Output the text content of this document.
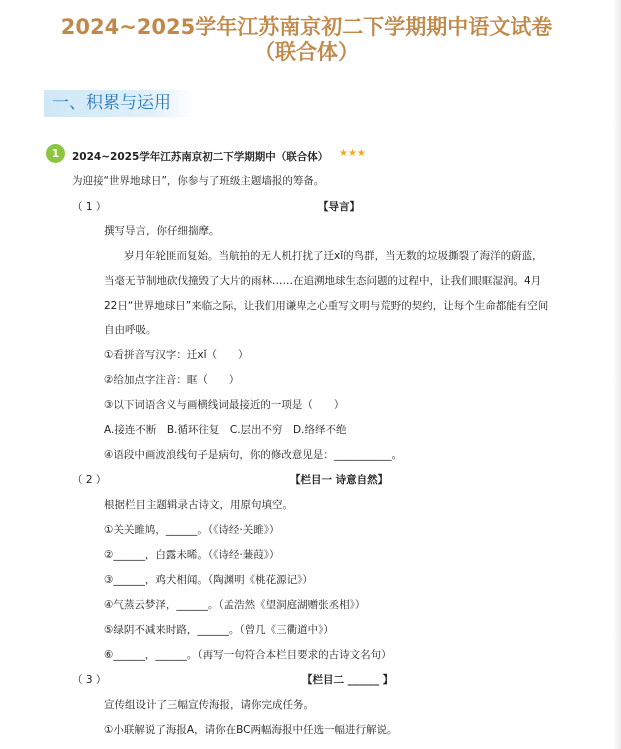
2024~2025学年江苏南京初二下学期期中语文试卷
（联合体）
一、积累与运用
1	2024~2025学年江苏南京初二下学期期中（联合体） ★★★
为迎接“世界地球日”，你参与了班级主题墙报的筹备。
（ 1 ）	【导言】
撰写导言，你仔细揣摩。
岁月年轮匪而复始。当航拍的无人机打扰了迁xǐ的鸟群，当无数的垃圾撕裂了海洋的蔚蓝，
当毫无节制地砍伐撞毁了大片的雨林……在追溯地球生态问题的过程中，让我们眼眶湿润。4月
22日“世界地球日”来临之际，让我们用谦卑之心重写文明与荒野的契约，让每个生命都能有空间
自由呼吸。
①看拼音写汉字：迁xǐ（　　）
②给加点字注音：眶（　　）
③以下词语含义与画横线词最接近的一项是（　　）
A.接连不断　B.循环往复　C.层出不穷　D.络绎不绝
④语段中画波浪线句子是病句，你的修改意见是：___________。
（ 2 ）	【栏目一 诗意自然】
根据栏目主题辑录古诗文，用原句填空。
①关关雎鸠，______。（《诗经·关雎》）
②______，白露未晞。（《诗经·蒹葭》）
③______，鸡犬相闻。（陶渊明《桃花源记》）
④气蒸云梦泽，______。（孟浩然《望洞庭湖赠张丞相》）
⑤绿阴不减来时路，______。（曾几《三衢道中》）
⑥______，______。（再写一句符合本栏目要求的古诗文名句）
（ 3 ）	【栏目二 ______ 】
宣传组设计了三幅宣传海报，请你完成任务。
①小联解说了海报A，请你在BC两幅海报中任选一幅进行解说。
